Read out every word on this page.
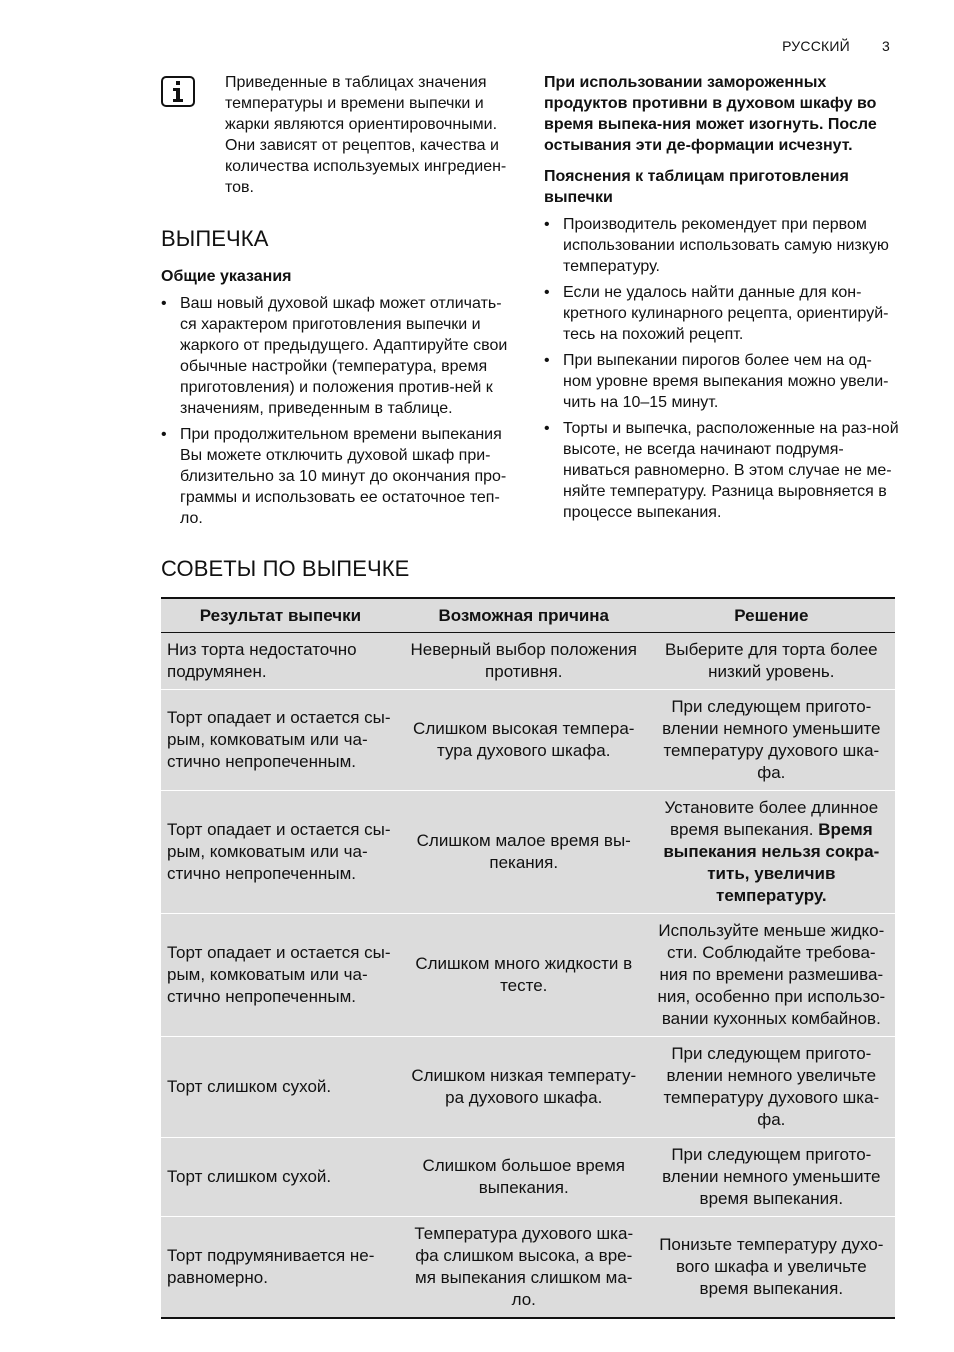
РУССКИЙ 3
Приведенные в таблицах значения температуры и времени выпечки и жарки являются ориентировочными. Они зависят от рецептов, качества и количества используемых ингредиен-тов.
ВЫПЕЧКА
Общие указания
• Ваш новый духовой шкаф может отличать-ся характером приготовления выпечки и жаркого от предыдущего. Адаптируйте свои обычные настройки (температура, время приготовления) и положения против-ней к значениям, приведенным в таблице.
• При продолжительном времени выпекания Вы можете отключить духовой шкаф при-близительно за 10 минут до окончания про-граммы и использовать ее остаточное теп-ло.
При использовании замороженных продуктов противни в духовом шкафу во время выпека-ния может изогнуть. После остывания эти де-формации исчезнут.
Пояснения к таблицам приготовления выпечки
• Производитель рекомендует при первом использовании использовать самую низкую температуру.
• Если не удалось найти данные для кон-кретного кулинарного рецепта, ориентируй-тесь на похожий рецепт.
• При выпекании пирогов более чем на од-ном уровне время выпекания можно увели-чить на 10–15 минут.
• Торты и выпечка, расположенные на раз-ной высоте, не всегда начинают подрумя-ниваться равномерно. В этом случае не ме-няйте температуру. Разница выровняется в процессе выпекания.
СОВЕТЫ ПО ВЫПЕЧКЕ
Результат выпечки	Возможная причина	Решение
Низ торта недостаточно подрумянен.	Неверный выбор положения противня.	Выберите для торта более низкий уровень.
Торт опадает и остается сы-рым, комковатым или ча-стично непропеченным.	Слишком высокая темпера-тура духового шкафа.	При следующем пригото-влении немного уменьшите температуру духового шка-фа.
Торт опадает и остается сы-рым, комковатым или ча-стично непропеченным.	Слишком малое время вы-пекания.	Установите более длинное время выпекания. Время выпекания нельзя сокра-тить, увеличив температуру.
Торт опадает и остается сы-рым, комковатым или ча-стично непропеченным.	Слишком много жидкости в тесте.	Используйте меньше жидко-сти. Соблюдайте требова-ния по времени размешива-ния, особенно при использо-вании кухонных комбайнов.
Торт слишком сухой.	Слишком низкая температу-ра духового шкафа.	При следующем пригото-влении немного увеличьте температуру духового шка-фа.
Торт слишком сухой.	Слишком большое время выпекания.	При следующем пригото-влении немного уменьшите время выпекания.
Торт подрумянивается не-равномерно.	Температура духового шка-фа слишком высока, а вре-мя выпекания слишком ма-ло.	Понизьте температуру духо-вого шкафа и увеличьте время выпекания.
